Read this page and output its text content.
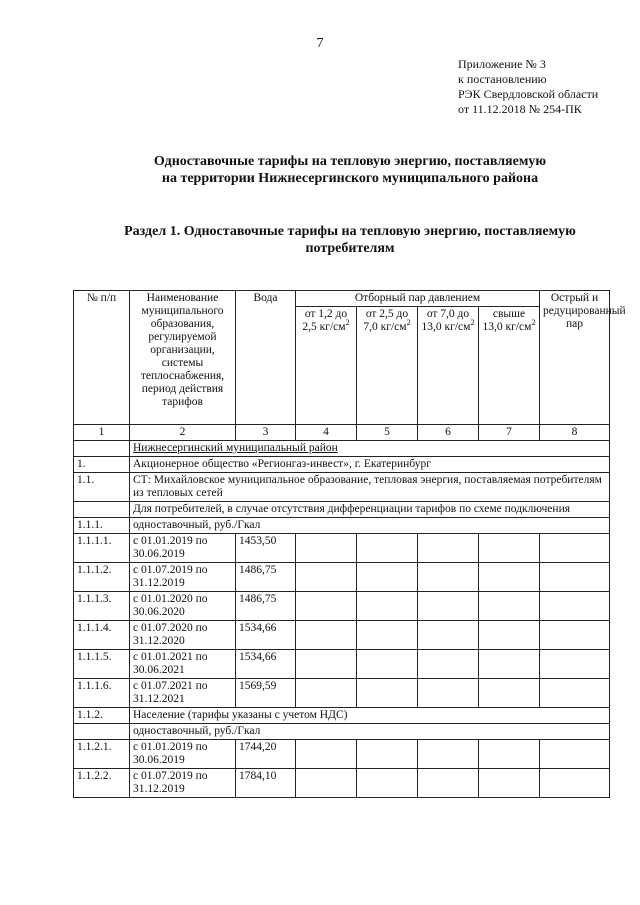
7
Приложение № 3
к постановлению
РЭК Свердловской области
от 11.12.2018 № 254-ПК
Одноставочные тарифы на тепловую энергию, поставляемую
на территории Нижнесергинского муниципального района
Раздел 1. Одноставочные тарифы на тепловую энергию, поставляемую
потребителям
№ п/п	Наименование муниципального образования, регулируемой организации, системы теплоснабжения, период действия тарифов	Вода	Отборный пар давлением				Острый и редуцированный пар
			от 1,2 до 2,5 $кг/см^2$	от 2,5 до 7,0 $кг/см^2$	от 7,0 до 13,0 $кг/см^2$	свыше 13,0 $кг/см^2$
1	2	3	4	5	6	7	8
	Нижнесергинский муниципальный район						
1.	Акционерное общество «Регионгаз-инвест», г. Екатеринбург						
1.1.	СТ: Михайловское муниципальное образование, тепловая энергия, поставляемая потребителям из тепловых сетей						
	Для потребителей, в случае отсутствия дифференциации тарифов по схеме подключения						
1.1.1.	одноставочный, руб./Гкал						
1.1.1.1.	с 01.01.2019 по 30.06.2019	1453,50					
1.1.1.2.	с 01.07.2019 по 31.12.2019	1486,75					
1.1.1.3.	с 01.01.2020 по 30.06.2020	1486,75					
1.1.1.4.	с 01.07.2020 по 31.12.2020	1534,66					
1.1.1.5.	с 01.01.2021 по 30.06.2021	1534,66					
1.1.1.6.	с 01.07.2021 по 31.12.2021	1569,59					
1.1.2.	Население (тарифы указаны с учетом НДС)						
	одноставочный, руб./Гкал						
1.1.2.1.	с 01.01.2019 по 30.06.2019	1744,20					
1.1.2.2.	с 01.07.2019 по 31.12.2019	1784,10					
